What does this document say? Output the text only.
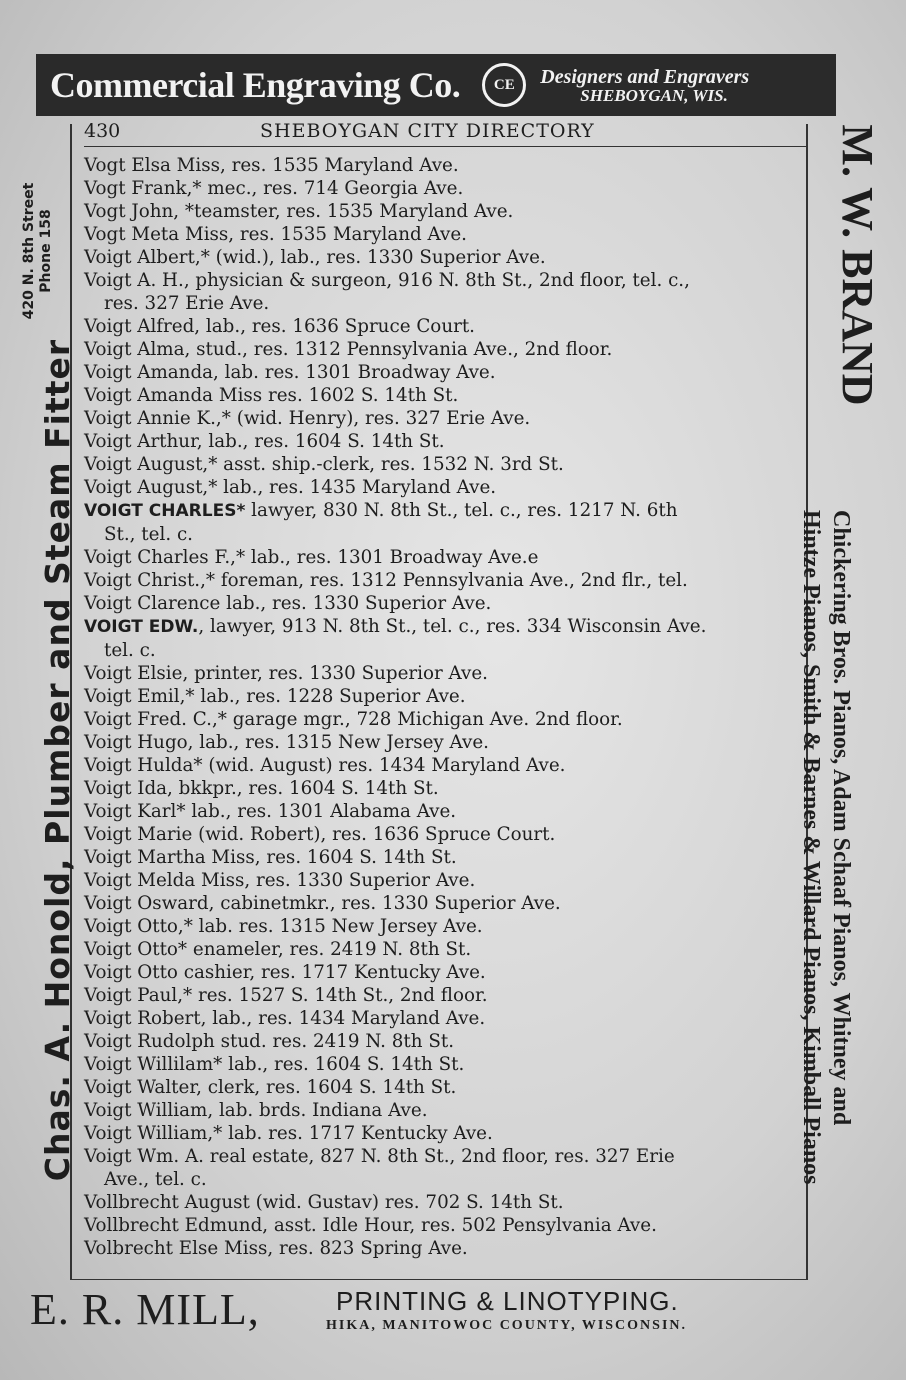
Commercial Engraving Co.	CE	Designers and Engravers
SHEBOYGAN, WIS.
430	SHEBOYGAN CITY DIRECTORY
Vogt Elsa Miss, res. 1535 Maryland Ave.
Vogt Frank,* mec., res. 714 Georgia Ave.
Vogt John, *teamster, res. 1535 Maryland Ave.
Vogt Meta Miss, res. 1535 Maryland Ave.
Voigt Albert,* (wid.), lab., res. 1330 Superior Ave.
Voigt A. H., physician & surgeon, 916 N. 8th St., 2nd floor, tel. c.,
res. 327 Erie Ave.
Voigt Alfred, lab., res. 1636 Spruce Court.
Voigt Alma, stud., res. 1312 Pennsylvania Ave., 2nd floor.
Voigt Amanda, lab. res. 1301 Broadway Ave.
Voigt Amanda Miss res. 1602 S. 14th St.
Voigt Annie K.,* (wid. Henry), res. 327 Erie Ave.
Voigt Arthur, lab., res. 1604 S. 14th St.
Voigt August,* asst. ship.-clerk, res. 1532 N. 3rd St.
Voigt August,* lab., res. 1435 Maryland Ave.
VOIGT CHARLES* lawyer, 830 N. 8th St., tel. c., res. 1217 N. 6th
St., tel. c.
Voigt Charles F.,* lab., res. 1301 Broadway Ave.e
Voigt Christ.,* foreman, res. 1312 Pennsylvania Ave., 2nd flr., tel.
Voigt Clarence lab., res. 1330 Superior Ave.
VOIGT EDW., lawyer, 913 N. 8th St., tel. c., res. 334 Wisconsin Ave.
tel. c.
Voigt Elsie, printer, res. 1330 Superior Ave.
Voigt Emil,* lab., res. 1228 Superior Ave.
Voigt Fred. C.,* garage mgr., 728 Michigan Ave. 2nd floor.
Voigt Hugo, lab., res. 1315 New Jersey Ave.
Voigt Hulda* (wid. August) res. 1434 Maryland Ave.
Voigt Ida, bkkpr., res. 1604 S. 14th St.
Voigt Karl* lab., res. 1301 Alabama Ave.
Voigt Marie (wid. Robert), res. 1636 Spruce Court.
Voigt Martha Miss, res. 1604 S. 14th St.
Voigt Melda Miss, res. 1330 Superior Ave.
Voigt Osward, cabinetmkr., res. 1330 Superior Ave.
Voigt Otto,* lab. res. 1315 New Jersey Ave.
Voigt Otto* enameler, res. 2419 N. 8th St.
Voigt Otto cashier, res. 1717 Kentucky Ave.
Voigt Paul,* res. 1527 S. 14th St., 2nd floor.
Voigt Robert, lab., res. 1434 Maryland Ave.
Voigt Rudolph stud. res. 2419 N. 8th St.
Voigt Willilam* lab., res. 1604 S. 14th St.
Voigt Walter, clerk, res. 1604 S. 14th St.
Voigt William, lab. brds. Indiana Ave.
Voigt William,* lab. res. 1717 Kentucky Ave.
Voigt Wm. A. real estate, 827 N. 8th St., 2nd floor, res. 327 Erie
Ave., tel. c.
Vollbrecht August (wid. Gustav) res. 702 S. 14th St.
Vollbrecht Edmund, asst. Idle Hour, res. 502 Pensylvania Ave.
Volbrecht Else Miss, res. 823 Spring Ave.
Chas. A. Honold, Plumber and Steam Fitter
420 N. 8th Street Phone 158	M. W. BRAND
Chickering Bros. Pianos, Adam Schaaf Pianos, Whitney and
Hintze Pianos, Smith & Barnes & Willard Pianos, Kimball Pianos
E. R. MILL,	PRINTING & LINOTYPING.
HIKA, MANITOWOC COUNTY, WISCONSIN.
